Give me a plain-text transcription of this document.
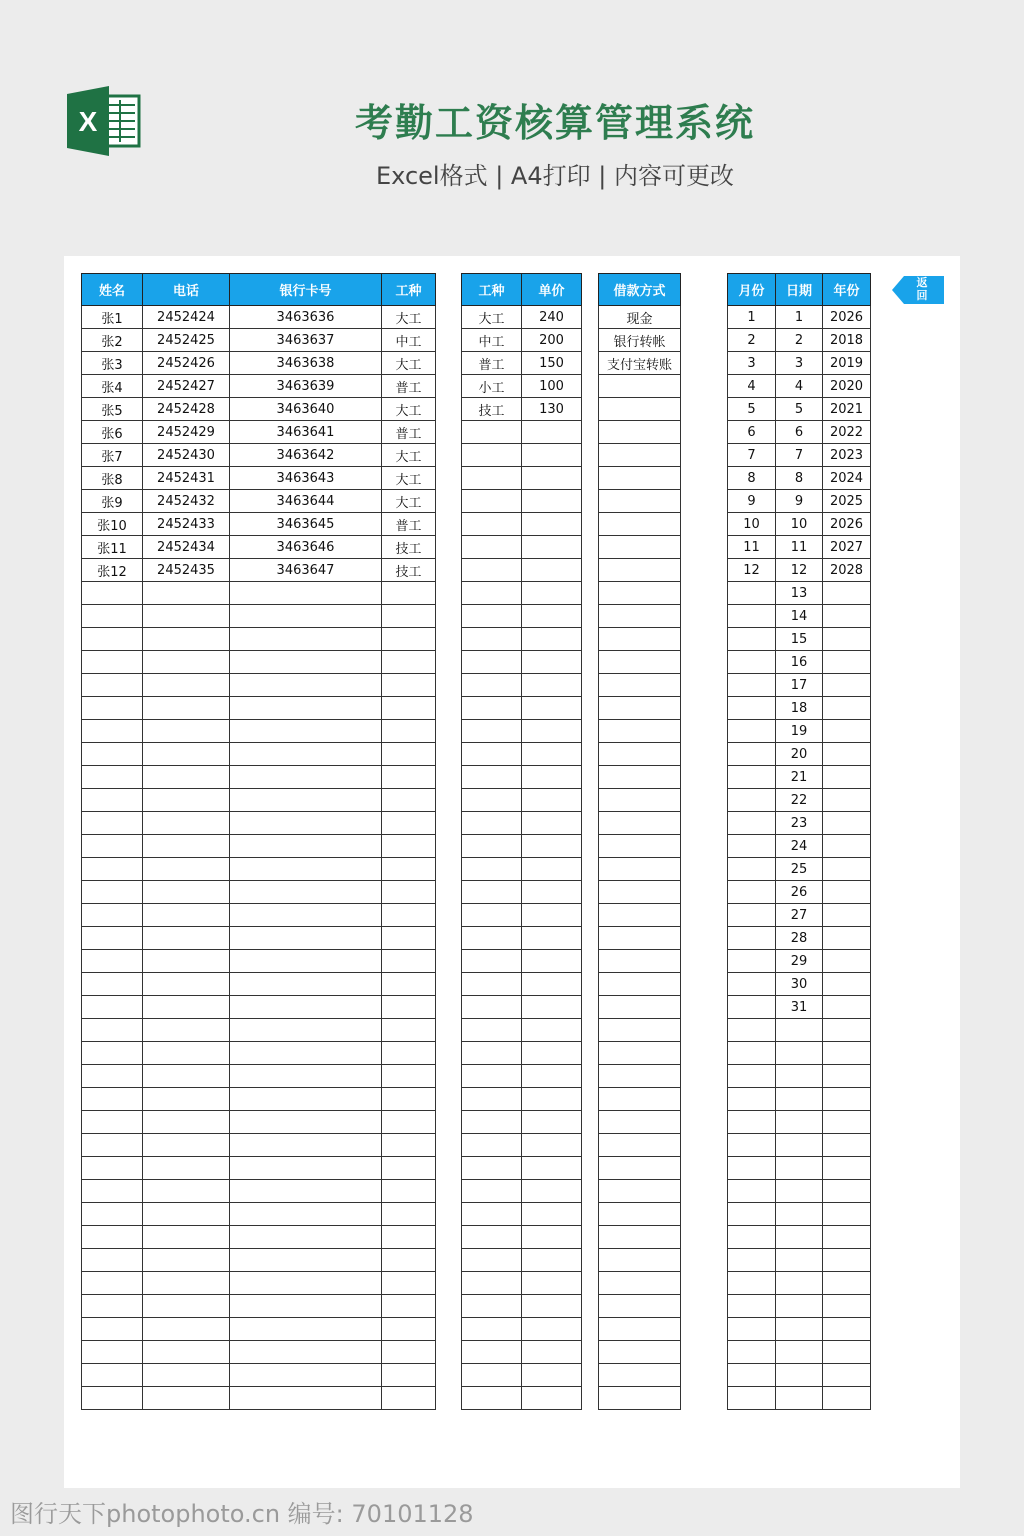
X	考勤工资核算管理系统
Excel格式 | A4打印 | 内容可更改
姓名	电话	银行卡号	工种
张1	2452424	3463636	大工
张2	2452425	3463637	中工
张3	2452426	3463638	大工
张4	2452427	3463639	普工
张5	2452428	3463640	大工
张6	2452429	3463641	普工
张7	2452430	3463642	大工
张8	2452431	3463643	大工
张9	2452432	3463644	大工
张10	2452433	3463645	普工
张11	2452434	3463646	技工
张12	2452435	3463647	技工

工种	单价
大工	240
中工	200
普工	150
小工	100
技工	130

借款方式
现金
银行转帐
支付宝转账

月份	日期	年份
1	1	2026
2	2	2018
3	3	2019
4	4	2020
5	5	2021
6	6	2022
7	7	2023
8	8	2024
9	9	2025
10	10	2026
11	11	2027
12	12	2028
	13	
	14	
	15	
	16	
	17	
	18	
	19	
	20	
	21	
	22	
	23	
	24	
	25	
	26	
	27	
	28	
	29	
	30	
	31	

返
回
图行天下photophoto.cn 编号: 70101128
